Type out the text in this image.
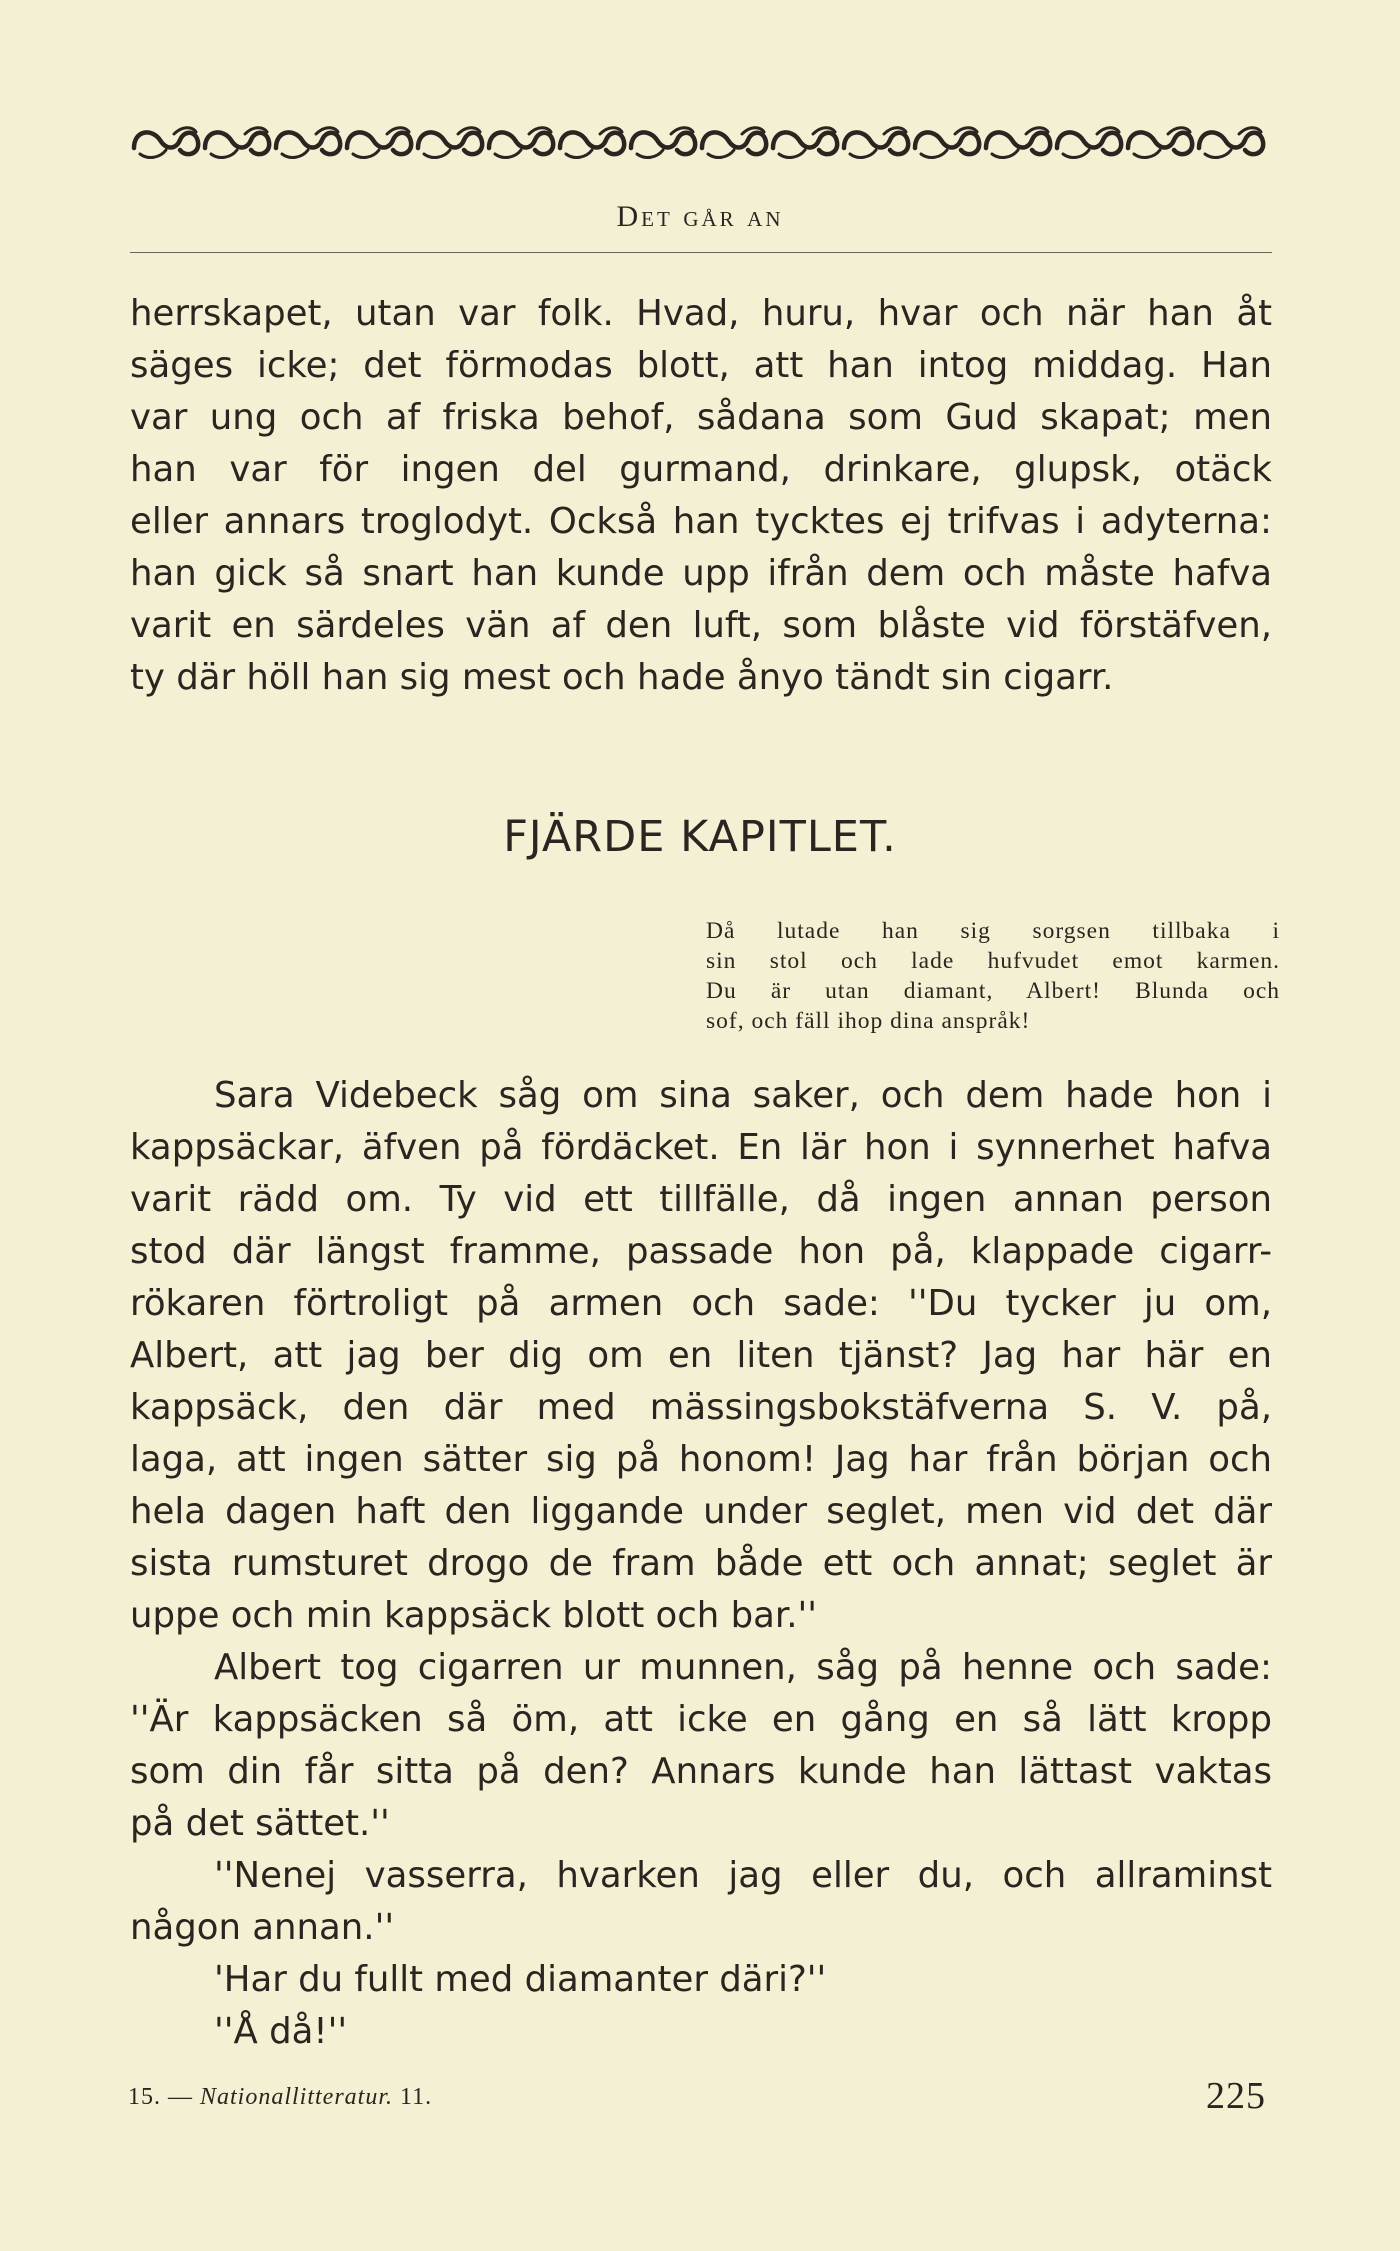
Det går an

herrskapet, utan var folk. Hvad, huru, hvar och när han åt

säges icke; det förmodas blott, att han intog middag. Han

var ung och af friska behof, sådana som Gud skapat; men

han var för ingen del gurmand, drinkare, glupsk, otäck

eller annars troglodyt. Också han tycktes ej trifvas i adyterna:

han gick så snart han kunde upp ifrån dem och måste hafva

varit en särdeles vän af den luft, som blåste vid förstäfven,

ty där höll han sig mest och hade ånyo tändt sin cigarr.

FJÄRDE KAPITLET.

Då lutade han sig sorgsen tillbaka i

sin stol och lade hufvudet emot karmen.

Du är utan diamant, Albert! Blunda och

sof, och fäll ihop dina anspråk!

Sara Videbeck såg om sina saker, och dem hade hon i

kappsäckar, äfven på fördäcket. En lär hon i synnerhet hafva

varit rädd om. Ty vid ett tillfälle, då ingen annan person

stod där längst framme, passade hon på, klappade cigarr-

rökaren förtroligt på armen och sade: ''Du tycker ju om,

Albert, att jag ber dig om en liten tjänst? Jag har här en

kappsäck, den där med mässingsbokstäfverna S. V. på,

laga, att ingen sätter sig på honom! Jag har från början och

hela dagen haft den liggande under seglet, men vid det där

sista rumsturet drogo de fram både ett och annat; seglet är

uppe och min kappsäck blott och bar.''

Albert tog cigarren ur munnen, såg på henne och sade:

''Är kappsäcken så öm, att icke en gång en så lätt kropp

som din får sitta på den? Annars kunde han lättast vaktas

på det sättet.''

''Nenej vasserra, hvarken jag eller du, och allraminst

någon annan.''

'Har du fullt med diamanter däri?''

''Å då!''

15. — Nationallitteratur. 11.	225
